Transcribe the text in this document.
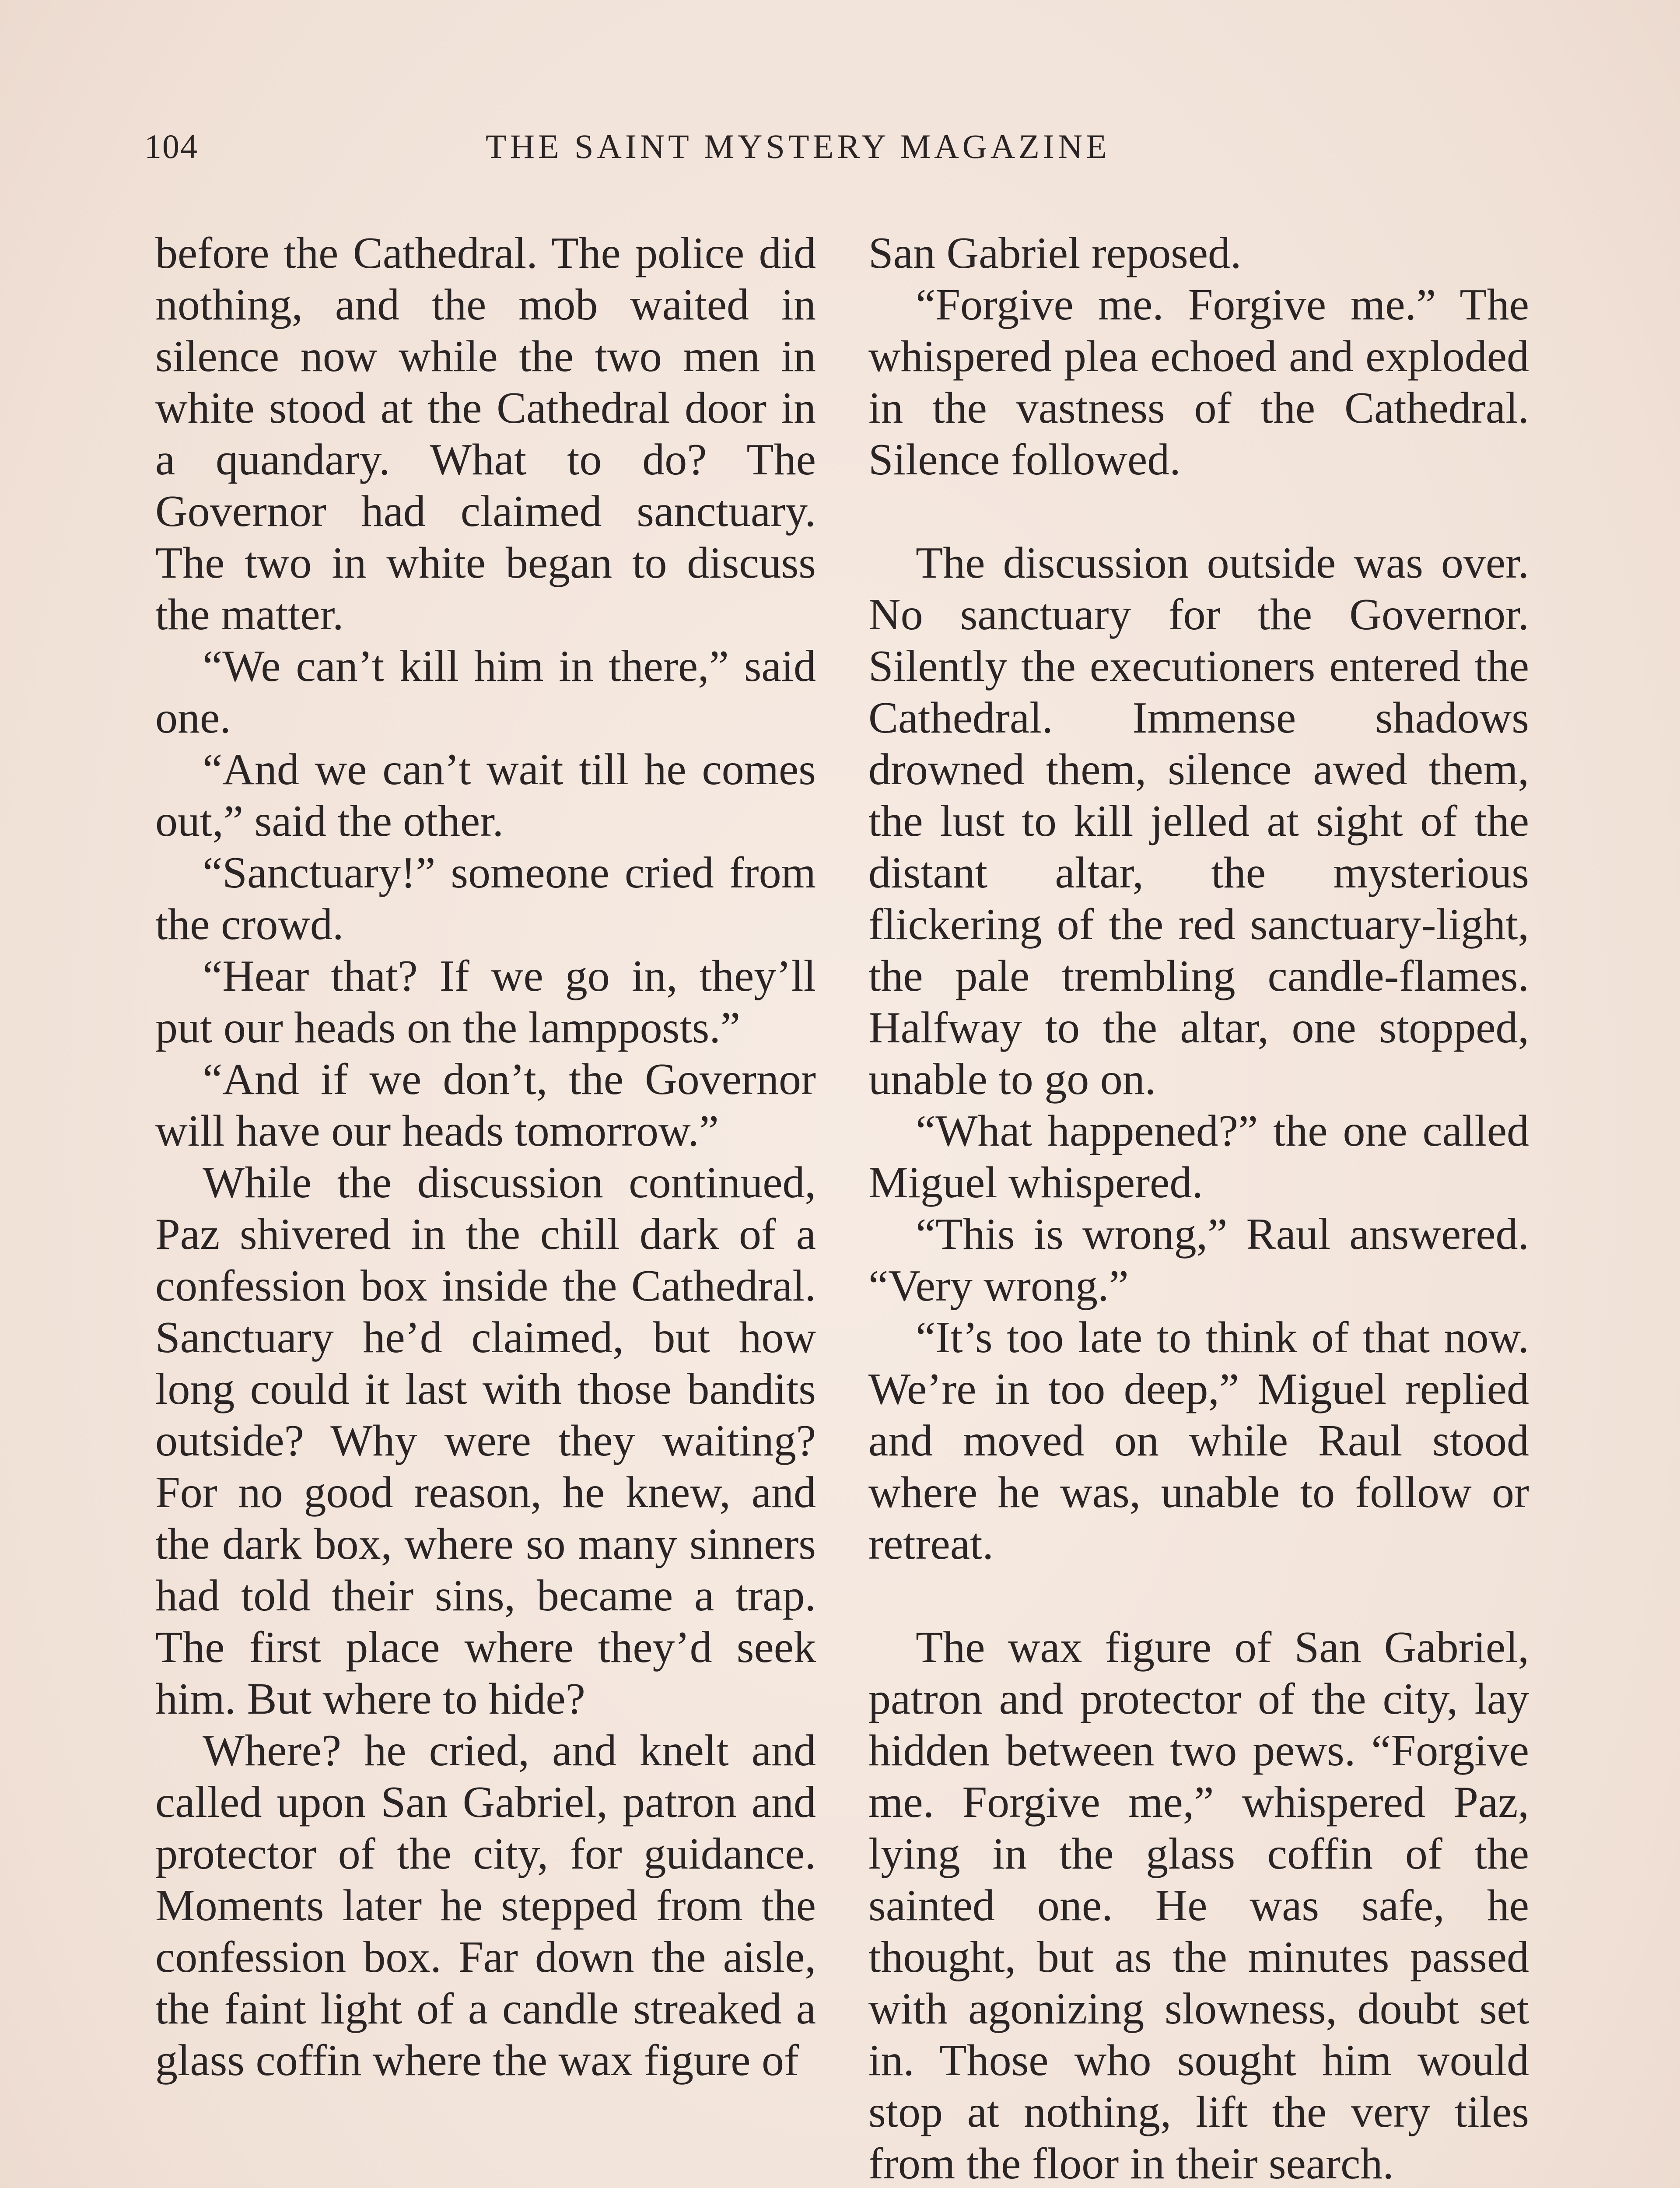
104	THE SAINT MYSTERY MAGAZINE

before the Cathedral. The police did nothing, and the mob waited in silence now while the two men in white stood at the Cathedral door in a quandary. What to do? The Governor had claimed sanctuary. The two in white began to discuss the matter.

“We can’t kill him in there,” said one.

“And we can’t wait till he comes out,” said the other.

“Sanctuary!” someone cried from the crowd.

“Hear that? If we go in, they’ll put our heads on the lampposts.”

“And if we don’t, the Governor will have our heads tomorrow.”

While the discussion continued, Paz shivered in the chill dark of a confession box inside the Cathedral. Sanctuary he’d claimed, but how long could it last with those bandits outside? Why were they waiting? For no good reason, he knew, and the dark box, where so many sinners had told their sins, became a trap. The first place where they’d seek him. But where to hide?

Where? he cried, and knelt and called upon San Gabriel, patron and protector of the city, for guidance. Moments later he stepped from the confession box. Far down the aisle, the faint light of a candle streaked a glass coffin where the wax figure of

San Gabriel reposed.

“Forgive me. Forgive me.” The whispered plea echoed and exploded in the vastness of the Cathedral. Silence followed.

The discussion outside was over. No sanctuary for the Governor. Silently the executioners entered the Cathedral. Immense shadows drowned them, silence awed them, the lust to kill jelled at sight of the distant altar, the mysterious flickering of the red sanctuary-light, the pale trembling candle-flames. Halfway to the altar, one stopped, unable to go on.

“What happened?” the one called Miguel whispered.

“This is wrong,” Raul answered. “Very wrong.”

“It’s too late to think of that now. We’re in too deep,” Miguel replied and moved on while Raul stood where he was, unable to follow or retreat.

The wax figure of San Gabriel, patron and protector of the city, lay hidden between two pews. “Forgive me. Forgive me,” whispered Paz, lying in the glass coffin of the sainted one. He was safe, he thought, but as the minutes passed with agonizing slowness, doubt set in. Those who sought him would stop at nothing, lift the very tiles from the floor in their search.
